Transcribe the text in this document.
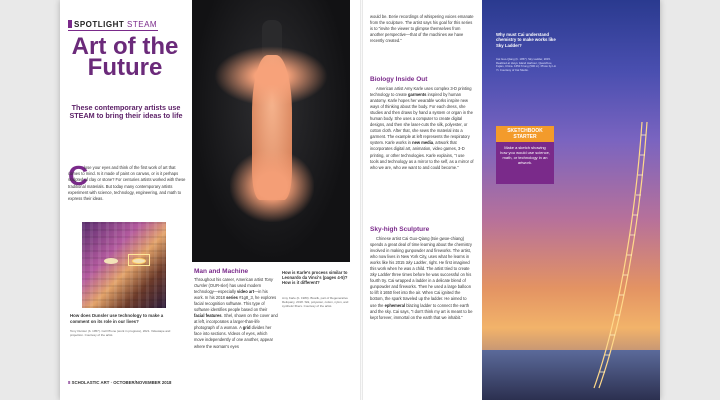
SPOTLIGHT STEAM
Art of the Future
These contemporary artists use STEAM to bring their ideas to life
C
lose your eyes and think of the first work of art that comes to mind. Is it made of paint on canvas, or is it perhaps sculpted of clay or stone? For centuries artists worked with these traditional materials. But today many contemporary artists experiment with science, technology, engineering, and math to express their ideas.
How does Dunsler use technology to make a comment on its role in our lives?
Tony Oursler (b. 1957). Cell Phone (work in progress), 2021. Videotape and projection. Courtesy of the artist.
8 SCHOLASTIC ART · OCTOBER/NOVEMBER 2018
Man and Machine
Throughout his career, American artist Tony Oursler (OUR-sler) has used modern technology—especially video art—in his work. In his 2018 series #1g8_3, he explores facial recognition software. This type of software identifies people based on their facial features. Shel, shown on the cover and at left, incorporates a larger-than-life photograph of a woman. A grid divides her face into sections. Videos of eyes, which move independently of one another, appear where the woman's eyes
How is Karle's process similar to Leonardo da Vinci's (pages 4-5)? How is it different?
Amy Karle (b. 1980). Biosilk, part of Regenerative Reliquary, 2018. Silk, polyester, cotton, nylon, and synthetic fibers. Courtesy of the artist.
would be. Eerie recordings of whispering voices emanate from the sculpture. The artist says his goal for this series is to "invite the viewer to glimpse themselves from another perspective—that of the machines we have recently created."
Biology Inside Out
American artist Amy Karle uses complex 3-D printing technology to create garments inspired by human anatomy. Karle hopes her wearable works inspire new ways of thinking about the body. For each dress, she studies and then draws by hand a system or organ in the human body. She uses a computer to create digital designs, and then she laser-cuts the silk, polyester, or cotton cloth. After that, she sews the material into a garment. The example at left represents the respiratory system. Karle works in new media, artwork that incorporates digital art, animation, video games, 3-D printing, or other technologies. Karle explains, "I use tools and technology as a mirror to the self, as a mirror of who we are, who we want to and could become."
Sky-high Sculpture
Chinese artist Cai Guo-Qiang (tsie gwoe-chiang) spends a great deal of time learning about the chemistry involved in making gunpowder and fireworks. The artist, who now lives in New York City, uses what he learns in works like his 2015 Sky Ladder, right. He first imagined this work when he was a child. The artist tried to create Sky Ladder three times before he was successful on his fourth try. Cai wrapped a ladder in a delicate blend of gunpowder and fireworks. Then he used a large balloon to lift it 1650 feet into the air. When Cai ignited the bottom, the spark traveled up the ladder. He aimed to use the ephemeral blazing ladder to connect the earth and the sky. Cai says, "I don't think my art is meant to be kept forever, immortal on the earth that we inhabit."
Why must Cai understand chemistry to make works like Sky Ladder?
Cai Guo-Qiang (b. 1957). Sky Ladder, 2015. Realized at Huiyu Island Harbour, Quanzhou, Fujian, China. 1650 ft long (500 m). Photo by Lin Yi. Courtesy of Cai Studio.
SKETCHBOOK STARTER
Make a sketch showing how you would use science, math, or technology in an artwork.
